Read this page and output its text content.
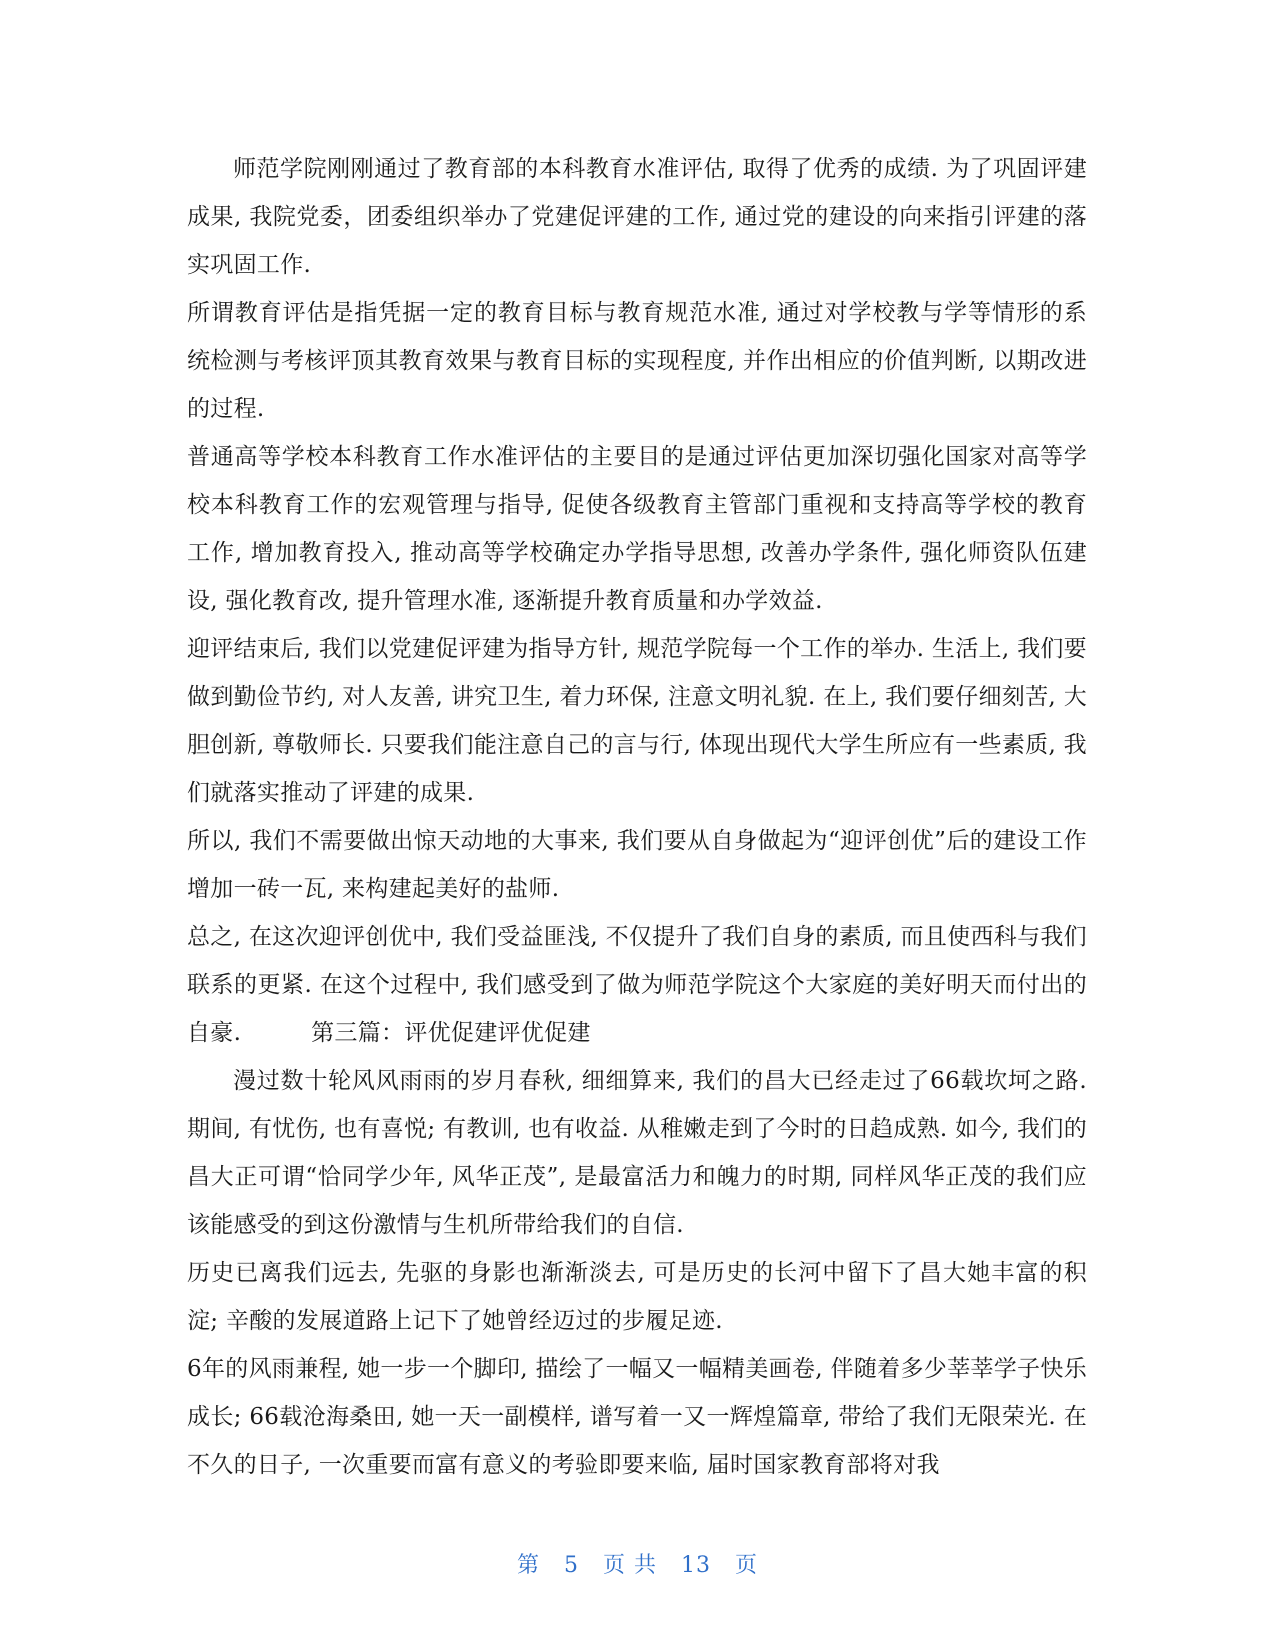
师范学院刚刚通过了教育部的本科教育水准评估, 取得了优秀的成绩. 为了巩固评建成果, 我院党委，团委组织举办了党建促评建的工作, 通过党的建设的向来指引评建的落实巩固工作.

所谓教育评估是指凭据一定的教育目标与教育规范水准, 通过对学校教与学等情形的系统检测与考核评顶其教育效果与教育目标的实现程度, 并作出相应的价值判断, 以期改进的过程.

普通高等学校本科教育工作水准评估的主要目的是通过评估更加深切强化国家对高等学校本科教育工作的宏观管理与指导, 促使各级教育主管部门重视和支持高等学校的教育工作, 增加教育投入, 推动高等学校确定办学指导思想, 改善办学条件, 强化师资队伍建设, 强化教育改, 提升管理水准, 逐渐提升教育质量和办学效益.

迎评结束后, 我们以党建促评建为指导方针, 规范学院每一个工作的举办. 生活上, 我们要做到勤俭节约, 对人友善, 讲究卫生, 着力环保, 注意文明礼貌. 在上, 我们要仔细刻苦, 大胆创新, 尊敬师长. 只要我们能注意自己的言与行, 体现出现代大学生所应有一些素质, 我们就落实推动了评建的成果.

所以, 我们不需要做出惊天动地的大事来, 我们要从自身做起为“迎评创优”后的建设工作增加一砖一瓦, 来构建起美好的盐师.

总之, 在这次迎评创优中, 我们受益匪浅, 不仅提升了我们自身的素质, 而且使西科与我们联系的更紧. 在这个过程中, 我们感受到了做为师范学院这个大家庭的美好明天而付出的自豪.　　　第三篇：评优促建评优促建

漫过数十轮风风雨雨的岁月春秋, 细细算来, 我们的昌大已经走过了66载坎坷之路. 期间, 有忧伤, 也有喜悦; 有教训, 也有收益. 从稚嫩走到了今时的日趋成熟. 如今, 我们的昌大正可谓“恰同学少年, 风华正茂”, 是最富活力和魄力的时期, 同样风华正茂的我们应该能感受的到这份激情与生机所带给我们的自信.

历史已离我们远去, 先驱的身影也渐渐淡去, 可是历史的长河中留下了昌大她丰富的积淀; 辛酸的发展道路上记下了她曾经迈过的步履足迹.

6年的风雨兼程, 她一步一个脚印, 描绘了一幅又一幅精美画卷, 伴随着多少莘莘学子快乐成长; 66载沧海桑田, 她一天一副模样, 谱写着一又一辉煌篇章, 带给了我们无限荣光. 在不久的日子, 一次重要而富有意义的考验即要来临, 届时国家教育部将对我

第 5 页 共 13 页
